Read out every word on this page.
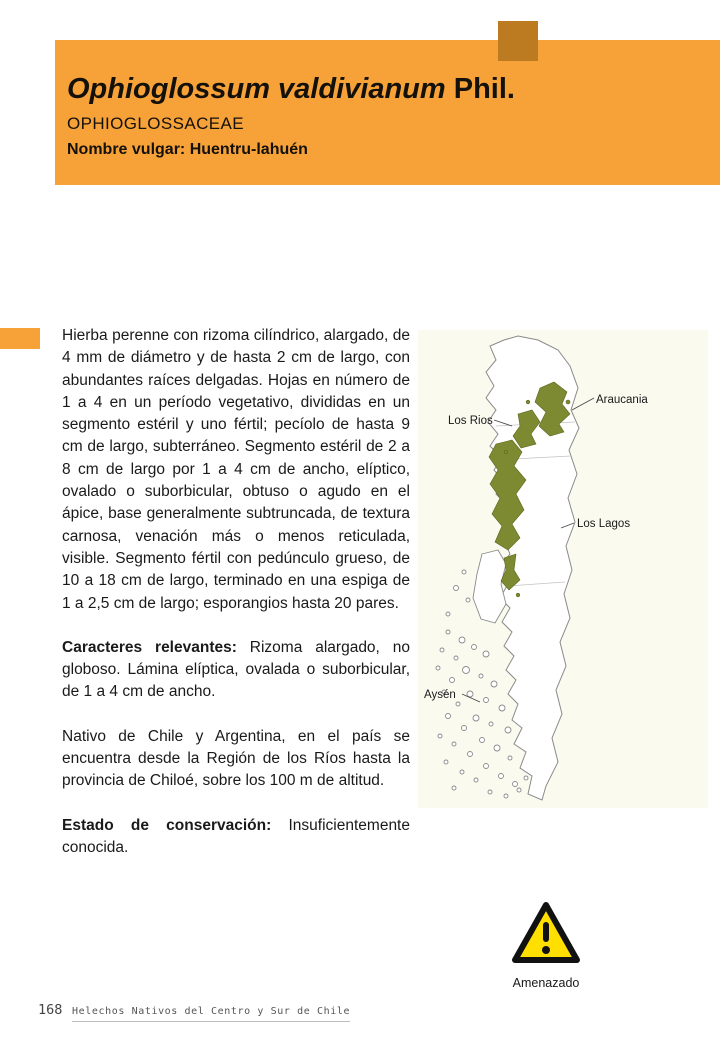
Ophioglossum valdivianum Phil.
OPHIOGLOSSACEAE
Nombre vulgar: Huentru-lahuén

Hierba perenne con rizoma cilíndrico, alargado, de 4 mm de diámetro y de hasta 2 cm de largo, con abundantes raíces delgadas. Hojas en número de 1 a 4 en un período vegetativo, divididas en un segmento estéril y uno fértil; pecíolo de hasta 9 cm de largo, subterráneo. Segmento estéril de 2 a 8 cm de largo por 1 a 4 cm de ancho, elíptico, ovalado o suborbicular, obtuso o agudo en el ápice, base generalmente subtruncada, de textura carnosa, venación más o menos reticulada, visible. Segmento fértil con pedúnculo grueso, de 10 a 18 cm de largo, terminado en una espiga de 1 a 2,5 cm de largo; esporangios hasta 20 pares.

Caracteres relevantes: Rizoma alargado, no globoso. Lámina elíptica, ovalada o suborbicular, de 1 a 4 cm de ancho.

Nativo de Chile y Argentina, en el país se encuentra desde la Región de los Ríos hasta la provincia de Chiloé, sobre los 100 m de altitud.

Estado de conservación: Insuficientemente conocida.

Los Rios
Araucania
Los Lagos
Aysén
Amenazado
168 Helechos Nativos del Centro y Sur de Chile
